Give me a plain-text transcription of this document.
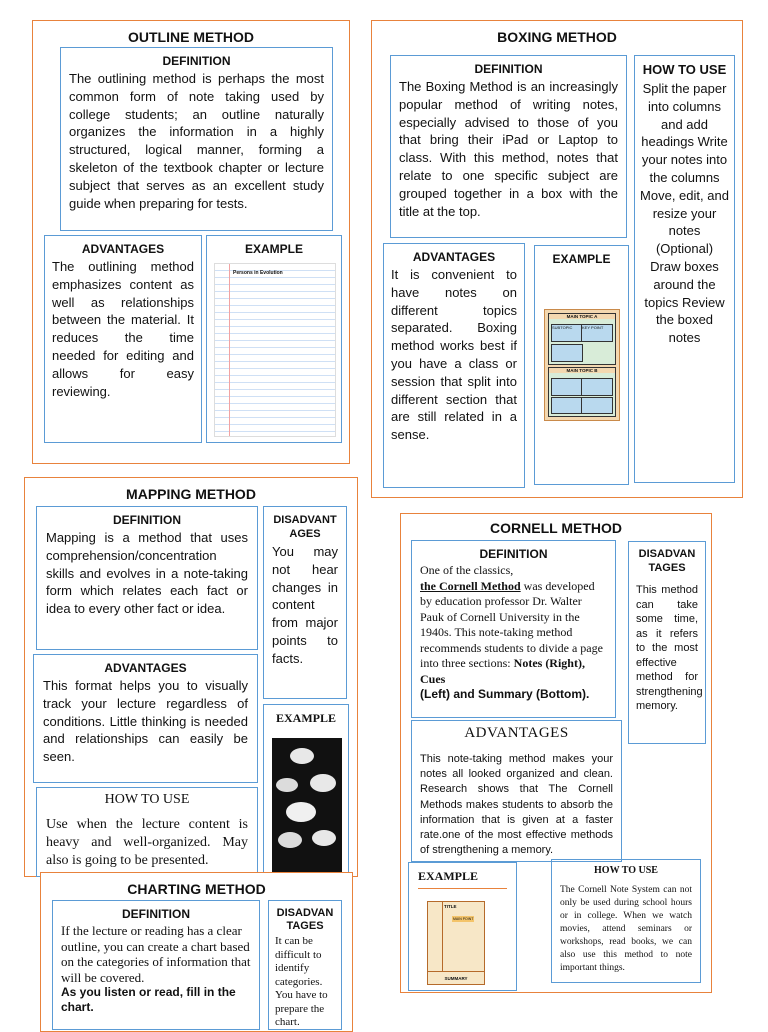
OUTLINE METHOD
DEFINITION
The outlining method is perhaps the most common form of note taking used by college students; an outline naturally organizes the information in a highly structured, logical manner, forming a skeleton of the textbook chapter or lecture subject that serves as an excellent study guide when preparing for tests.
ADVANTAGES
The outlining method emphasizes content as well as relationships between the material. It reduces the time needed for editing and allows for easy reviewing.
EXAMPLE
Persons in Evolution
BOXING METHOD
DEFINITION
The Boxing Method is an increasingly popular method of writing notes, especially advised to those of you that bring their iPad or Laptop to class. With this method, notes that relate to one specific subject are grouped together in a box with the title at the top.
HOW TO USE
Split the paper into columns and add headings Write your notes into the columns Move, edit, and resize your notes (Optional) Draw boxes around the topics Review the boxed notes
ADVANTAGES
It is convenient to have notes on different topics separated. Boxing method works best if you have a class or session that split into different section that are still related in a sense.
EXAMPLE
MAIN TOPIC A
SUBTOPIC	KEY POINT
MAIN TOPIC B
MAPPING METHOD
DEFINITION
Mapping is a method that uses comprehension/concentration skills and evolves in a note-taking form which relates each fact or idea to every other fact or idea.
DISADVANTAGES
You may not hear changes in content from major points to facts.
ADVANTAGES
This format helps you to visually track your lecture regardless of conditions. Little thinking is needed and relationships can easily be seen.
EXAMPLE
HOW TO USE
Use when the lecture content is heavy and well-organized. May also is going to be presented.
CHARTING METHOD
DEFINITION
If the lecture or reading has a clear outline, you can create a chart based on the categories of information that will be covered.
As you listen or read, fill in the chart.
DISADVANTAGES
It can be difficult to identify categories. You have to prepare the chart.
CORNELL METHOD
DEFINITION
One of the classics,
the Cornell Method was developed by education professor Dr. Walter Pauk of Cornell University in the 1940s. This note-taking method recommends students to divide a page into three sections: Notes (Right), Cues
(Left) and Summary (Bottom).
DISADVANTAGES
This method can take some time, as it refers to the most effective method for strengthening memory.
ADVANTAGES
This note-taking method makes your notes all looked organized and clean. Research shows that The Cornell Methods makes students to absorb the information that is given at a faster rate.one of the most effective methods of strengthening a memory.
EXAMPLE
TITLE
MAIN POINT
SUMMARY
HOW TO USE
The Cornell Note System can not only be used during school hours or in college. When we watch movies, attend seminars or workshops, read books, we can also use this method to note important things.
